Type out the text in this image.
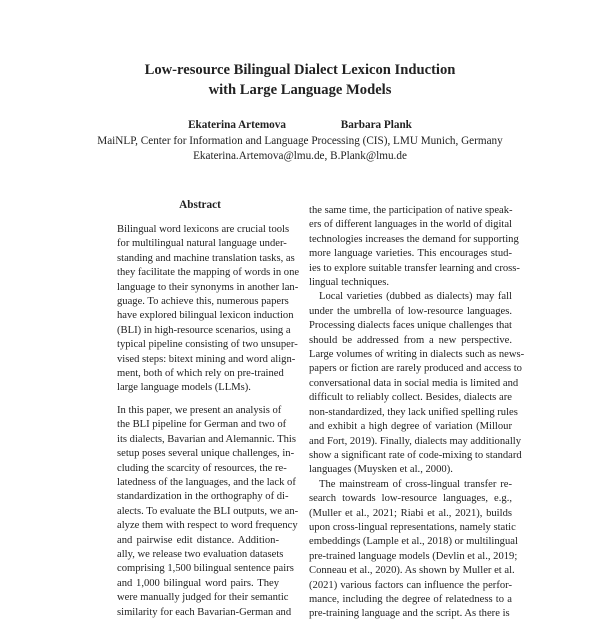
Low-resource Bilingual Dialect Lexicon Induction
with Large Language Models
Ekaterina Artemova	Barbara Plank
MaiNLP, Center for Information and Language Processing (CIS), LMU Munich, Germany
Ekaterina.Artemova@lmu.de, B.Plank@lmu.de
Abstract

Bilingual word lexicons are crucial tools
for multilingual natural language under-
standing and machine translation tasks, as
they facilitate the mapping of words in one
language to their synonyms in another lan-
guage. To achieve this, numerous papers
have explored bilingual lexicon induction
(BLI) in high-resource scenarios, using a
typical pipeline consisting of two unsuper-
vised steps: bitext mining and word align-
ment, both of which rely on pre-trained
large language models (LLMs).

In this paper, we present an analysis of
the BLI pipeline for German and two of
its dialects, Bavarian and Alemannic. This
setup poses several unique challenges, in-
cluding the scarcity of resources, the re-
latedness of the languages, and the lack of
standardization in the orthography of di-
alects. To evaluate the BLI outputs, we an-
alyze them with respect to word frequency
and pairwise edit distance. Addition-
ally, we release two evaluation datasets
comprising 1,500 bilingual sentence pairs
and 1,000 bilingual word pairs. They
were manually judged for their semantic
similarity for each Bavarian-German and

the same time, the participation of native speak-
ers of different languages in the world of digital
technologies increases the demand for supporting
more language varieties. This encourages stud-
ies to explore suitable transfer learning and cross-
lingual techniques.

Local varieties (dubbed as dialects) may fall
under the umbrella of low-resource languages.
Processing dialects faces unique challenges that
should be addressed from a new perspective.
Large volumes of writing in dialects such as news-
papers or fiction are rarely produced and access to
conversational data in social media is limited and
difficult to reliably collect. Besides, dialects are
non-standardized, they lack unified spelling rules
and exhibit a high degree of variation (Millour
and Fort, 2019). Finally, dialects may additionally
show a significant rate of code-mixing to standard
languages (Muysken et al., 2000).

The mainstream of cross-lingual transfer re-
search towards low-resource languages, e.g.,
(Muller et al., 2021; Riabi et al., 2021), builds
upon cross-lingual representations, namely static
embeddings (Lample et al., 2018) or multilingual
pre-trained language models (Devlin et al., 2019;
Conneau et al., 2020). As shown by Muller et al.
(2021) various factors can influence the perfor-
mance, including the degree of relatedness to a
pre-training language and the script. As there is
